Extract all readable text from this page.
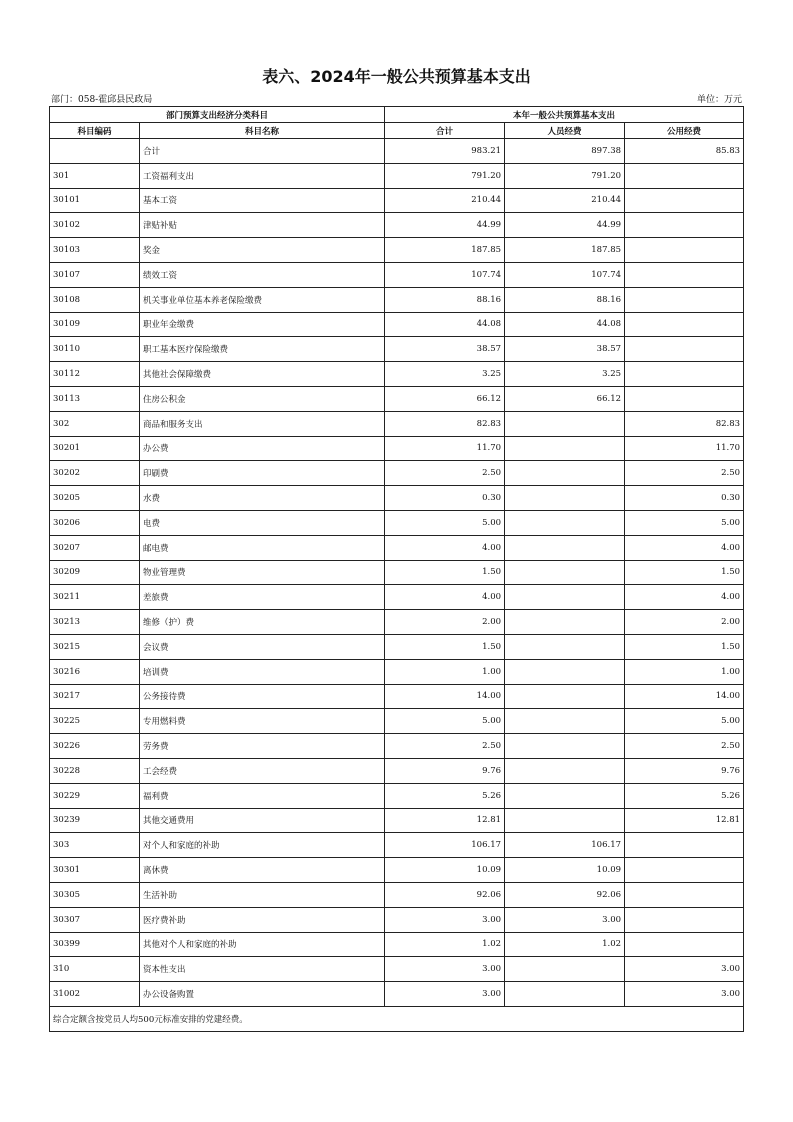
表六、2024年一般公共预算基本支出
部门：058-霍邱县民政局	单位：万元
部门预算支出经济分类科目		本年一般公共预算基本支出		
科目编码	科目名称	合计	人员经费	公用经费
	合计	983.21	897.38	85.83
301	工资福利支出	791.20	791.20	
30101	基本工资	210.44	210.44	
30102	津贴补贴	44.99	44.99	
30103	奖金	187.85	187.85	
30107	绩效工资	107.74	107.74	
30108	机关事业单位基本养老保险缴费	88.16	88.16	
30109	职业年金缴费	44.08	44.08	
30110	职工基本医疗保险缴费	38.57	38.57	
30112	其他社会保障缴费	3.25	3.25	
30113	住房公积金	66.12	66.12	
302	商品和服务支出	82.83		82.83
30201	办公费	11.70		11.70
30202	印刷费	2.50		2.50
30205	水费	0.30		0.30
30206	电费	5.00		5.00
30207	邮电费	4.00		4.00
30209	物业管理费	1.50		1.50
30211	差旅费	4.00		4.00
30213	维修（护）费	2.00		2.00
30215	会议费	1.50		1.50
30216	培训费	1.00		1.00
30217	公务接待费	14.00		14.00
30225	专用燃料费	5.00		5.00
30226	劳务费	2.50		2.50
30228	工会经费	9.76		9.76
30229	福利费	5.26		5.26
30239	其他交通费用	12.81		12.81
303	对个人和家庭的补助	106.17	106.17	
30301	离休费	10.09	10.09	
30305	生活补助	92.06	92.06	
30307	医疗费补助	3.00	3.00	
30399	其他对个人和家庭的补助	1.02	1.02	
310	资本性支出	3.00		3.00
31002	办公设备购置	3.00		3.00
综合定额含按党员人均500元标准安排的党建经费。				
